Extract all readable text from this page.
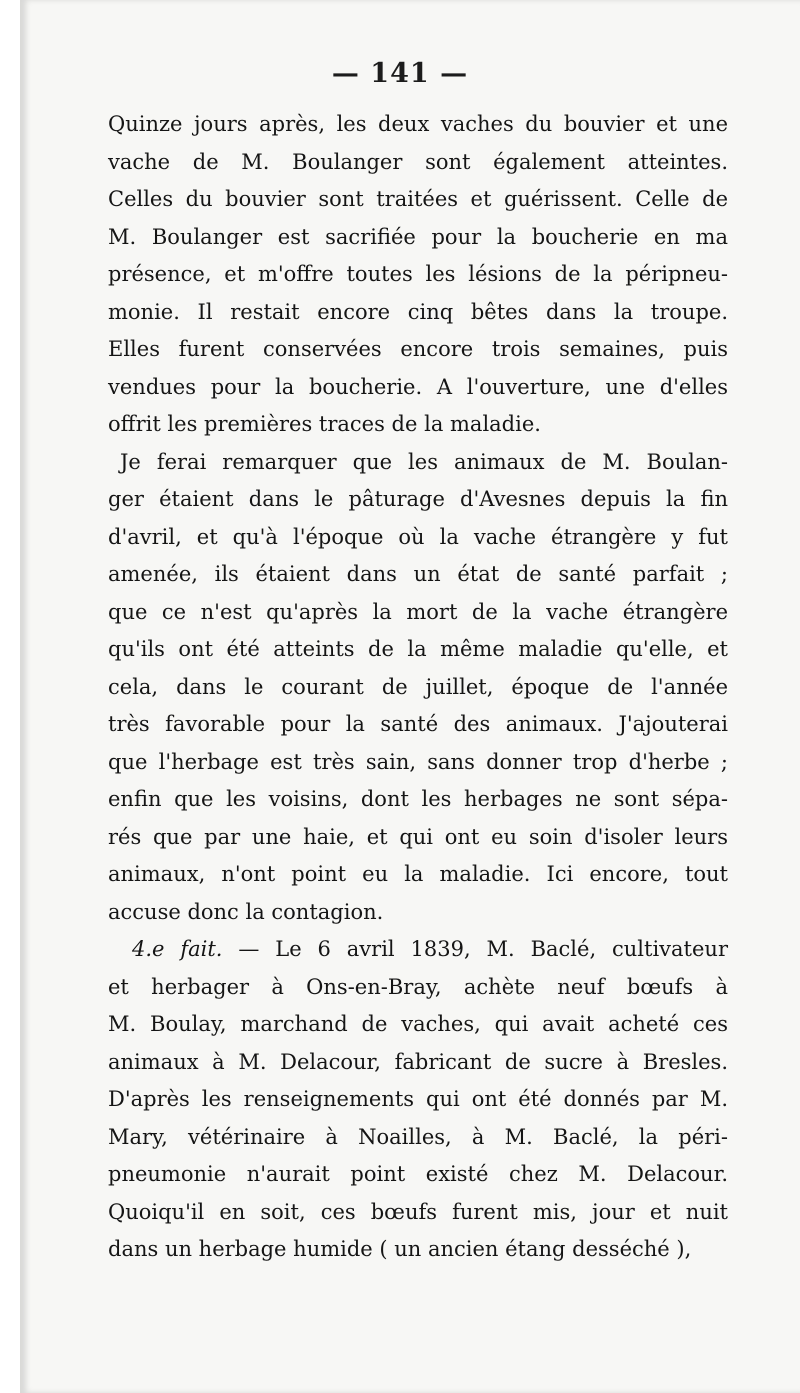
— 141 —
Quinze jours après, les deux vaches du bouvier et une
vache de M. Boulanger sont également atteintes.
Celles du bouvier sont traitées et guérissent. Celle de
M. Boulanger est sacrifiée pour la boucherie en ma
présence, et m'offre toutes les lésions de la péripneu-
monie. Il restait encore cinq bêtes dans la troupe.
Elles furent conservées encore trois semaines, puis
vendues pour la boucherie. A l'ouverture, une d'elles
offrit les premières traces de la maladie.
Je ferai remarquer que les animaux de M. Boulan-
ger étaient dans le pâturage d'Avesnes depuis la fin
d'avril, et qu'à l'époque où la vache étrangère y fut
amenée, ils étaient dans un état de santé parfait ;
que ce n'est qu'après la mort de la vache étrangère
qu'ils ont été atteints de la même maladie qu'elle, et
cela, dans le courant de juillet, époque de l'année
très favorable pour la santé des animaux. J'ajouterai
que l'herbage est très sain, sans donner trop d'herbe ;
enfin que les voisins, dont les herbages ne sont sépa-
rés que par une haie, et qui ont eu soin d'isoler leurs
animaux, n'ont point eu la maladie. Ici encore, tout
accuse donc la contagion.
4.e fait. — Le 6 avril 1839, M. Baclé, cultivateur
et herbager à Ons-en-Bray, achète neuf bœufs à
M. Boulay, marchand de vaches, qui avait acheté ces
animaux à M. Delacour, fabricant de sucre à Bresles.
D'après les renseignements qui ont été donnés par M.
Mary, vétérinaire à Noailles, à M. Baclé, la péri-
pneumonie n'aurait point existé chez M. Delacour.
Quoiqu'il en soit, ces bœufs furent mis, jour et nuit
dans un herbage humide ( un ancien étang desséché ),
